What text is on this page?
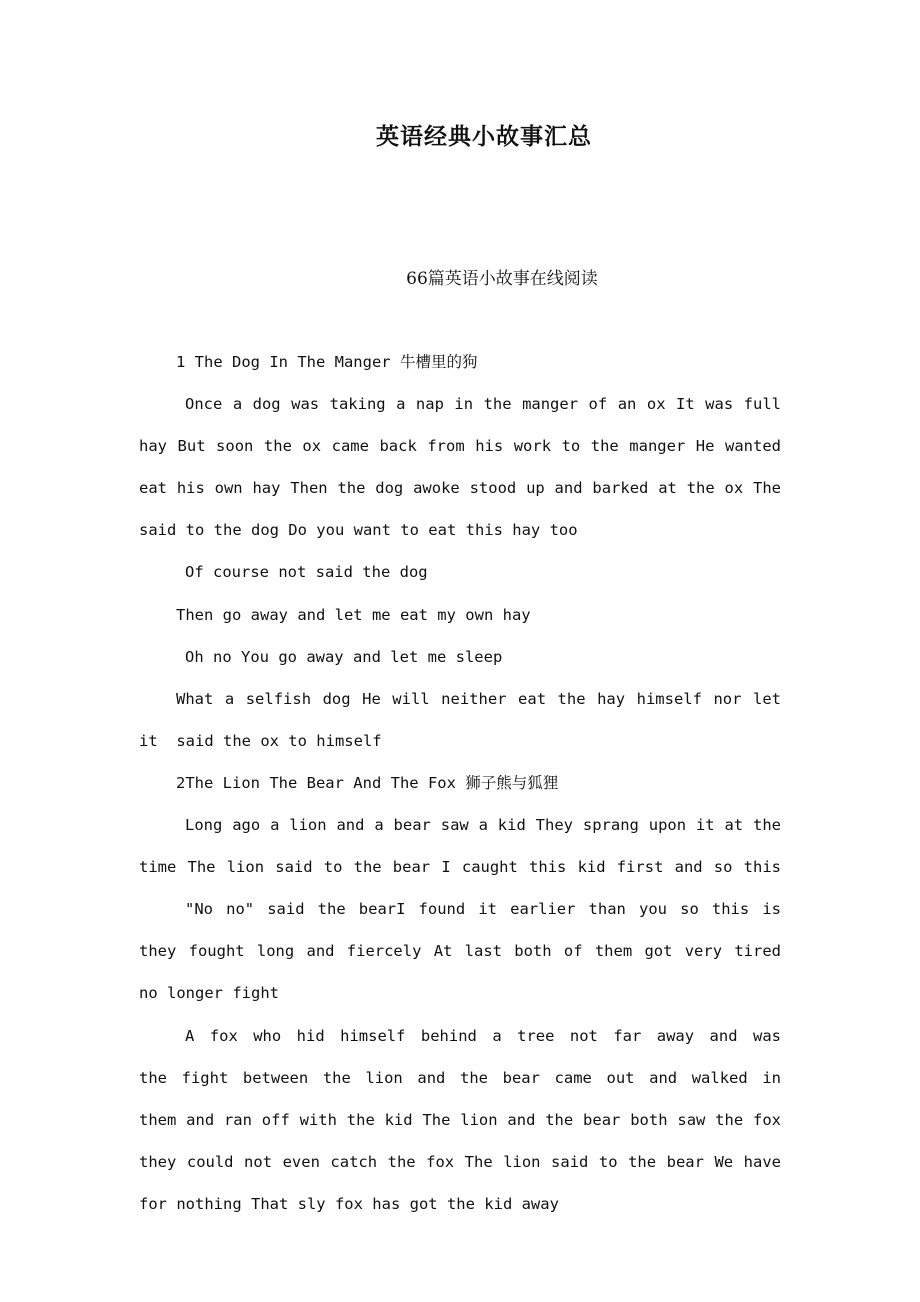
英语经典小故事汇总
66篇英语小故事在线阅读
1 The Dog In The Manger 牛槽里的狗
Once a dog was taking a nap in the manger of an ox It was full
hay But soon the ox came back from his work to the manger He wanted
eat his own hay Then the dog awoke stood up and barked at the ox The
said to the dog Do you want to eat this hay too
Of course not said the dog
Then go away and let me eat my own hay
Oh no You go away and let me sleep
What a selfish dog He will neither eat the hay himself nor let
it  said the ox to himself
2The Lion The Bear And The Fox 狮子熊与狐狸
Long ago a lion and a bear saw a kid They sprang upon it at the
time The lion said to the bear I caught this kid first and so this
"No no" said the bearI found it earlier than you so this is
they fought long and fiercely At last both of them got very tired
no longer fight
A fox who hid himself behind a tree not far away and was
the fight between the lion and the bear came out and walked in
them and ran off with the kid The lion and the bear both saw the fox
they could not even catch the fox The lion said to the bear We have
for nothing That sly fox has got the kid away
